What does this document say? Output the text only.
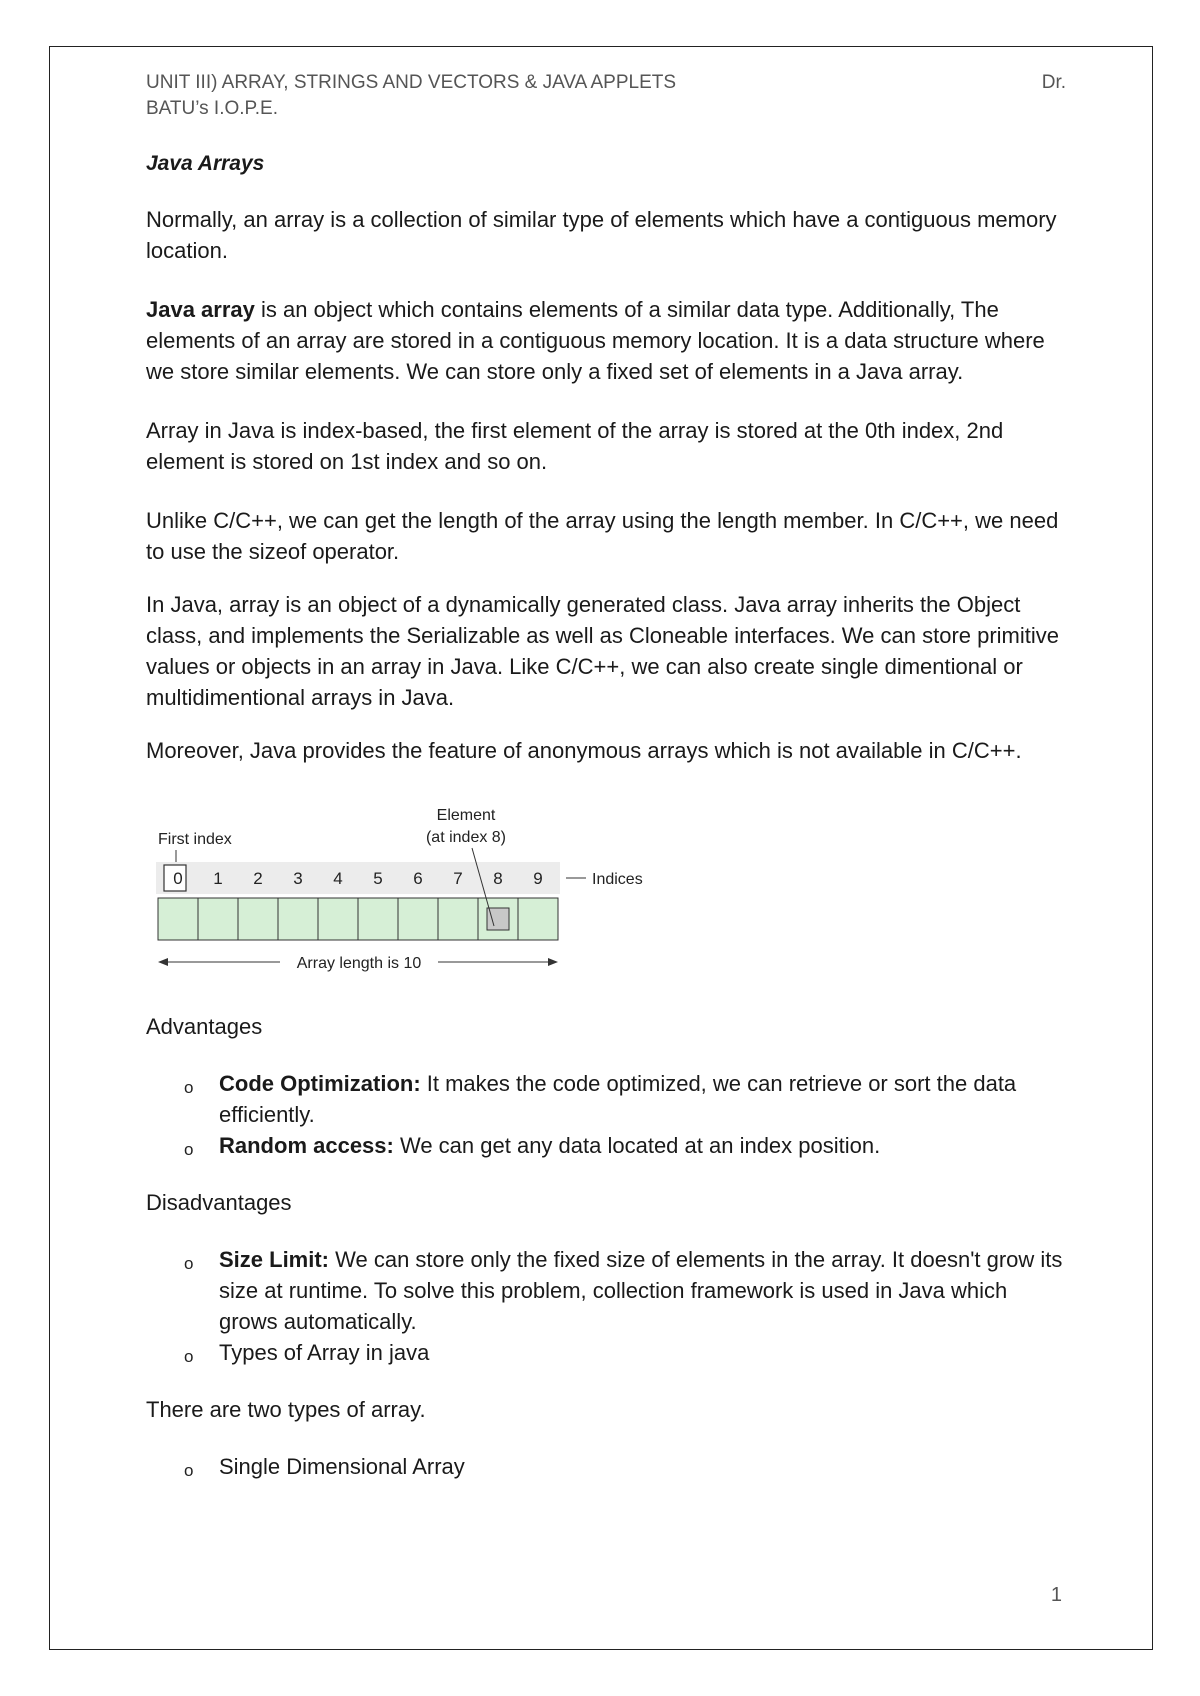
UNIT III) ARRAY, STRINGS AND VECTORS & JAVA APPLETS	Dr.
BATU’s I.O.P.E.
Java Arrays

Normally, an array is a collection of similar type of elements which have a contiguous memory location.

Java array is an object which contains elements of a similar data type. Additionally, The elements of an array are stored in a contiguous memory location. It is a data structure where we store similar elements. We can store only a fixed set of elements in a Java array.

Array in Java is index-based, the first element of the array is stored at the 0th index, 2nd element is stored on 1st index and so on.

Unlike C/C++, we can get the length of the array using the length member. In C/C++, we need to use the sizeof operator.

In Java, array is an object of a dynamically generated class. Java array inherits the Object class, and implements the Serializable as well as Cloneable interfaces. We can store primitive values or objects in an array in Java. Like C/C++, we can also create single dimentional or multidimentional arrays in Java.

Moreover, Java provides the feature of anonymous arrays which is not available in C/C++.

First index
Element
(at index 8)
0 1 2 3 4 5 6 7 8 9	Indices
Array length is 10
Advantages
o Code Optimization: It makes the code optimized, we can retrieve or sort the data efficiently.
o Random access: We can get any data located at an index position.
Disadvantages
o Size Limit: We can store only the fixed size of elements in the array. It doesn't grow its size at runtime. To solve this problem, collection framework is used in Java which grows automatically.
o Types of Array in java

There are two types of array.

o Single Dimensional Array
1
